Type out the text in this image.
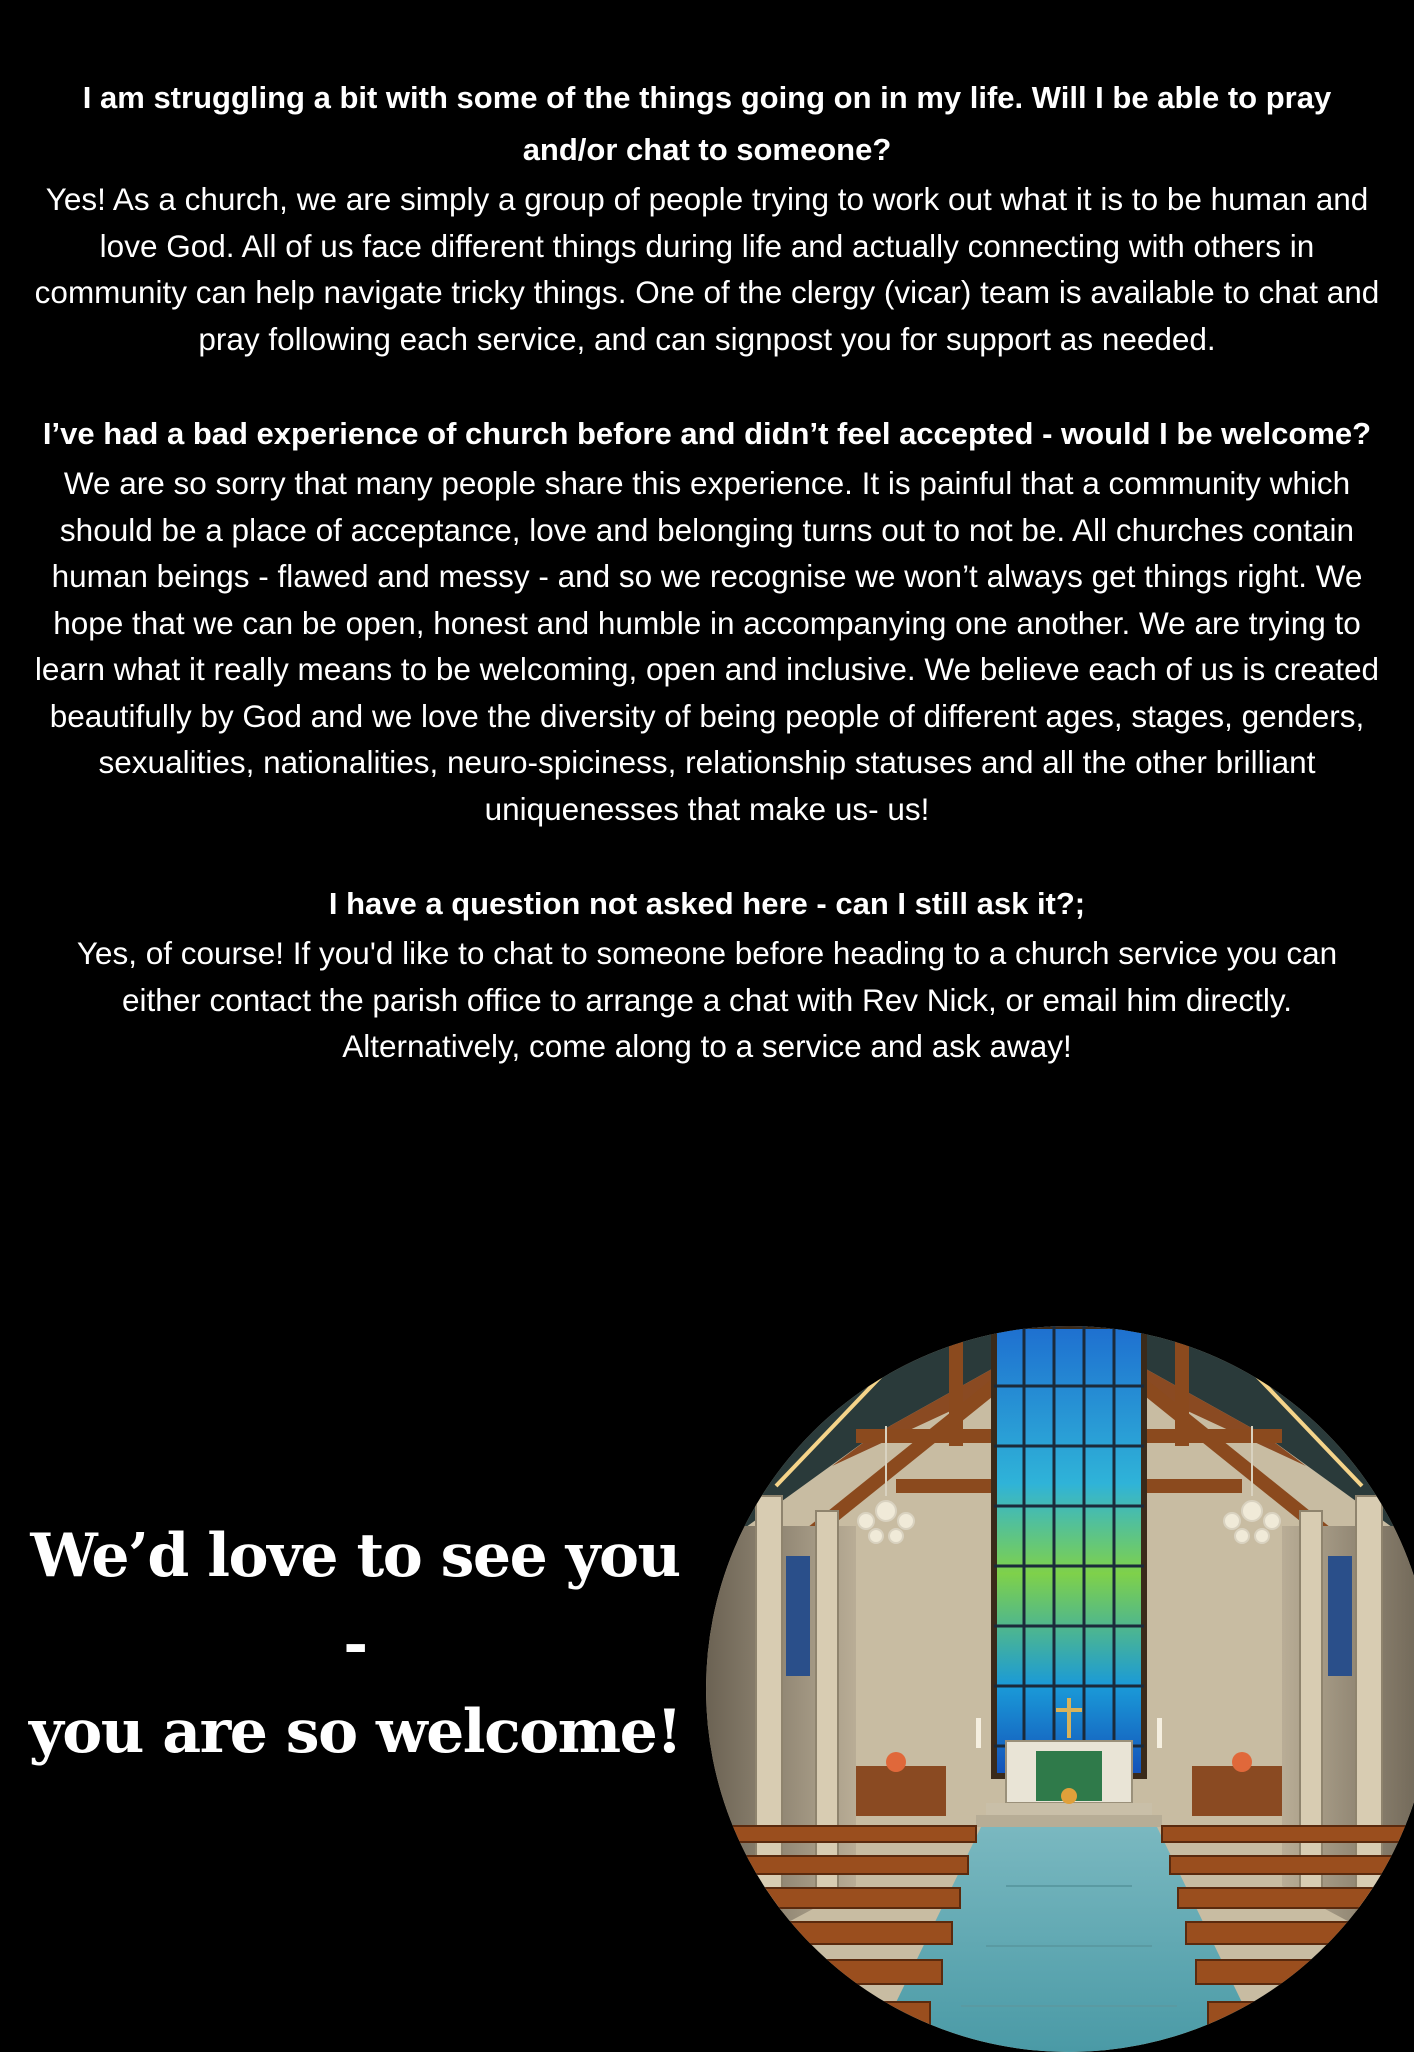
I am struggling a bit with some of the things going on in my life. Will I be able to pray and/or chat to someone?

Yes! As a church, we are simply a group of people trying to work out what it is to be human and love God. All of us face different things during life and actually connecting with others in community can help navigate tricky things. One of the clergy (vicar) team is available to chat and pray following each service, and can signpost you for support as needed.

I’ve had a bad experience of church before and didn’t feel accepted - would I be welcome?

We are so sorry that many people share this experience. It is painful that a community which should be a place of acceptance, love and belonging turns out to not be. All churches contain human beings - flawed and messy - and so we recognise we won’t always get things right. We hope that we can be open, honest and humble in accompanying one another. We are trying to learn what it really means to be welcoming, open and inclusive. We believe each of us is created beautifully by God and we love the diversity of being people of different ages, stages, genders, sexualities, nationalities, neuro-spiciness, relationship statuses and all the other brilliant uniquenesses that make us- us!

I have a question not asked here - can I still ask it?;

Yes, of course! If you'd like to chat to someone before heading to a church service you can either contact the parish office to arrange a chat with Rev Nick, or email him directly. Alternatively, come along to a service and ask away!

We’d love to see you -
you are so welcome!
